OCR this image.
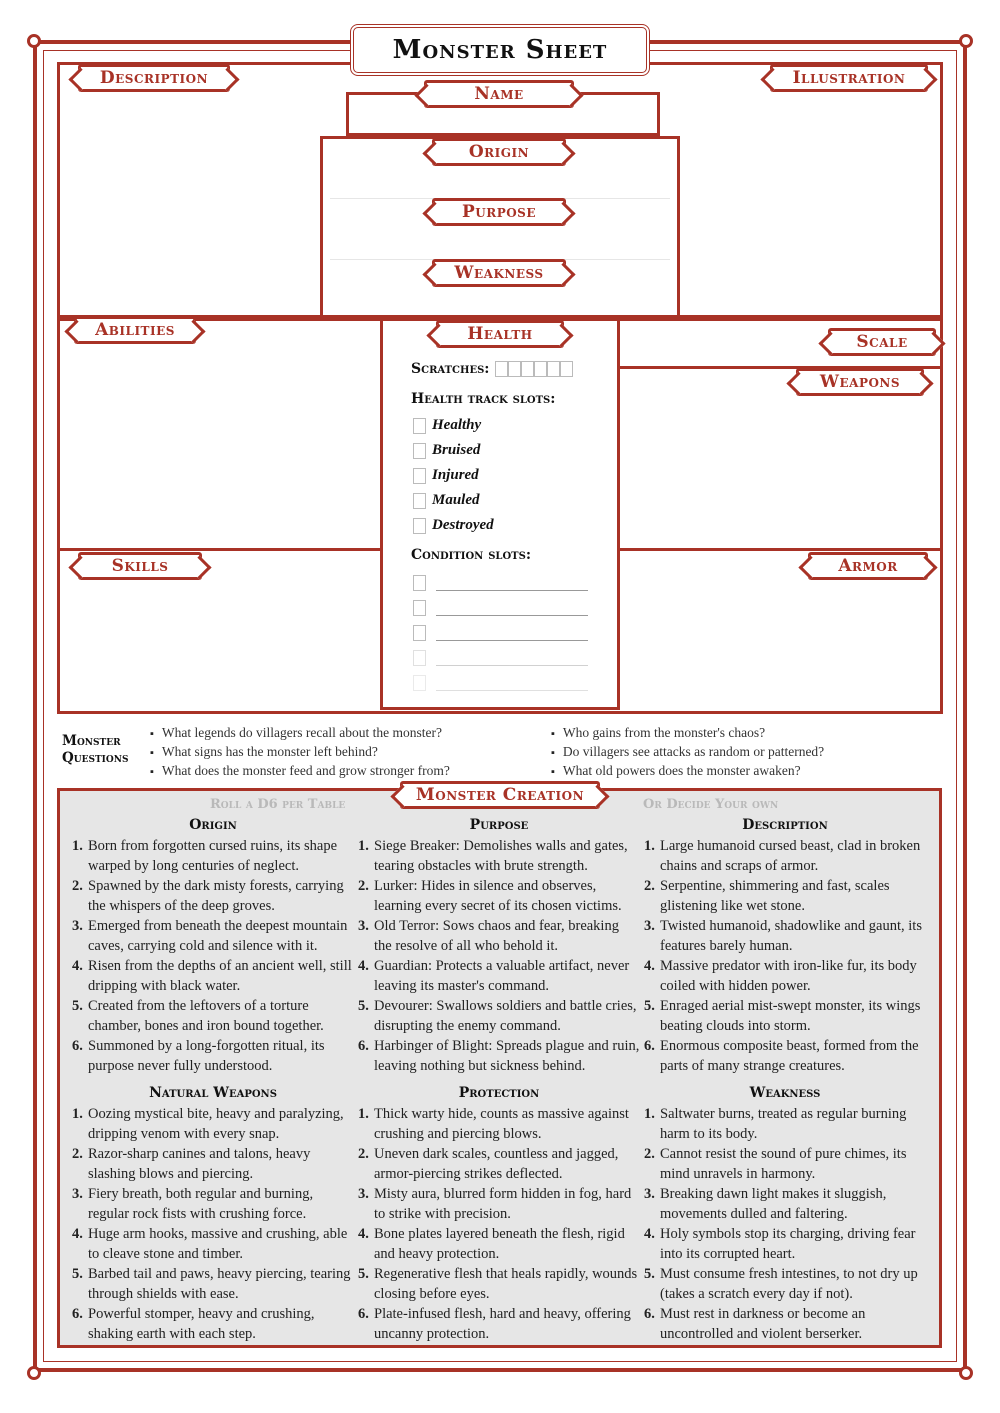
Monster Sheet
Description	Illustration
Name
Origin
Purpose
Weakness
Abilities
Scale
Weapons
Skills	Armor
Scratches:
Health track slots:
Healthy
Bruised
Injured
Mauled
Destroyed
Condition slots:
Health
Monster
Questions
▪ What legends do villagers recall about the monster?
▪ What signs has the monster left behind?
▪ What does the monster feed and grow stronger from?
▪ Who gains from the monster's chaos?
▪ Do villagers see attacks as random or patterned?
▪ What old powers does the monster awaken?
Roll a D6 per Table	Or Decide Your own
Origin
1. Born from forgotten cursed ruins, its shape warped by long centuries of neglect.
2. Spawned by the dark misty forests, carrying the whispers of the deep groves.
3. Emerged from beneath the deepest mountain caves, carrying cold and silence with it.
4. Risen from the depths of an ancient well, still dripping with black water.
5. Created from the leftovers of a torture chamber, bones and iron bound together.
6. Summoned by a long-forgotten ritual, its purpose never fully understood.
Purpose
1. Siege Breaker: Demolishes walls and gates, tearing obstacles with brute strength.
2. Lurker: Hides in silence and observes, learning every secret of its chosen victims.
3. Old Terror: Sows chaos and fear, breaking the resolve of all who behold it.
4. Guardian: Protects a valuable artifact, never leaving its master's command.
5. Devourer: Swallows soldiers and battle cries, disrupting the enemy command.
6. Harbinger of Blight: Spreads plague and ruin, leaving nothing but sickness behind.
Description
1. Large humanoid cursed beast, clad in broken chains and scraps of armor.
2. Serpentine, shimmering and fast, scales glistening like wet stone.
3. Twisted humanoid, shadowlike and gaunt, its features barely human.
4. Massive predator with iron-like fur, its body coiled with hidden power.
5. Enraged aerial mist-swept monster, its wings beating clouds into storm.
6. Enormous composite beast, formed from the parts of many strange creatures.
Natural Weapons
1. Oozing mystical bite, heavy and paralyzing, dripping venom with every snap.
2. Razor-sharp canines and talons, heavy slashing blows and piercing.
3. Fiery breath, both regular and burning, regular rock fists with crushing force.
4. Huge arm hooks, massive and crushing, able to cleave stone and timber.
5. Barbed tail and paws, heavy piercing, tearing through shields with ease.
6. Powerful stomper, heavy and crushing, shaking earth with each step.
Protection
1. Thick warty hide, counts as massive against crushing and piercing blows.
2. Uneven dark scales, countless and jagged, armor-piercing strikes deflected.
3. Misty aura, blurred form hidden in fog, hard to strike with precision.
4. Bone plates layered beneath the flesh, rigid and heavy protection.
5. Regenerative flesh that heals rapidly, wounds closing before eyes.
6. Plate-infused flesh, hard and heavy, offering uncanny protection.
Weakness
1. Saltwater burns, treated as regular burning harm to its body.
2. Cannot resist the sound of pure chimes, its mind unravels in harmony.
3. Breaking dawn light makes it sluggish, movements dulled and faltering.
4. Holy symbols stop its charging, driving fear into its corrupted heart.
5. Must consume fresh intestines, to not dry up (takes a scratch every day if not).
6. Must rest in darkness or become an uncontrolled and violent berserker.
Monster Creation
